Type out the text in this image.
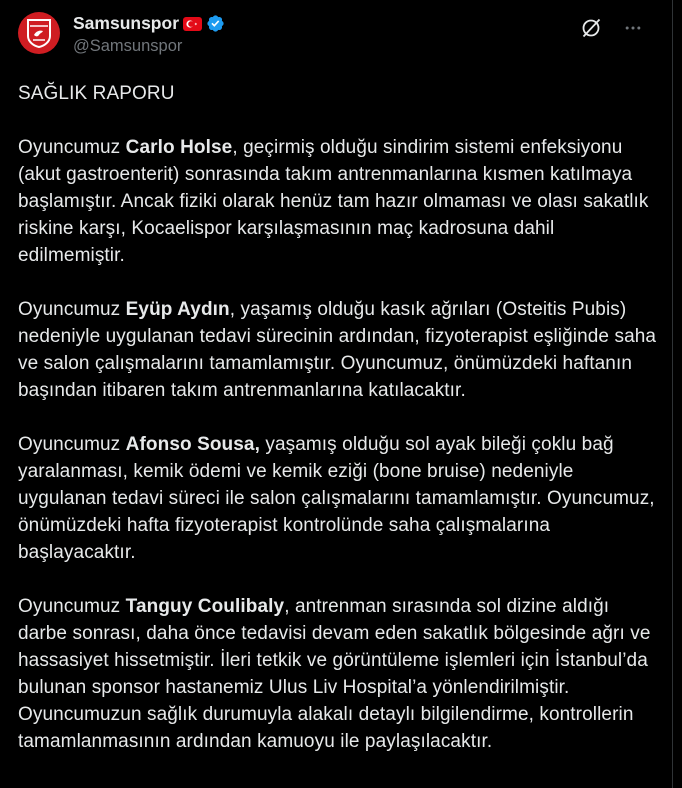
Samsunspor
@Samsunspor

SAĞLIK RAPORU

Oyuncumuz Carlo Holse, geçirmiş olduğu sindirim sistemi enfeksiyonu (akut gastroenterit) sonrasında takım antrenmanlarına kısmen katılmaya başlamıştır. Ancak fiziki olarak henüz tam hazır olmaması ve olası sakatlık riskine karşı, Kocaelispor karşılaşmasının maç kadrosuna dahil edilmemiştir.

Oyuncumuz Eyüp Aydın, yaşamış olduğu kasık ağrıları (Osteitis Pubis) nedeniyle uygulanan tedavi sürecinin ardından, fizyoterapist eşliğinde saha ve salon çalışmalarını tamamlamıştır. Oyuncumuz, önümüzdeki haftanın başından itibaren takım antrenmanlarına katılacaktır.

Oyuncumuz Afonso Sousa, yaşamış olduğu sol ayak bileği çoklu bağ yaralanması, kemik ödemi ve kemik eziği (bone bruise) nedeniyle uygulanan tedavi süreci ile salon çalışmalarını tamamlamıştır. Oyuncumuz, önümüzdeki hafta fizyoterapist kontrolünde saha çalışmalarına başlayacaktır.

Oyuncumuz Tanguy Coulibaly, antrenman sırasında sol dizine aldığı darbe sonrası, daha önce tedavisi devam eden sakatlık bölgesinde ağrı ve hassasiyet hissetmiştir. İleri tetkik ve görüntüleme işlemleri için İstanbul’da bulunan sponsor hastanemiz Ulus Liv Hospital’a yönlendirilmiştir. Oyuncumuzun sağlık durumuyla alakalı detaylı bilgilendirme, kontrollerin tamamlanmasının ardından kamuoyu ile paylaşılacaktır.
